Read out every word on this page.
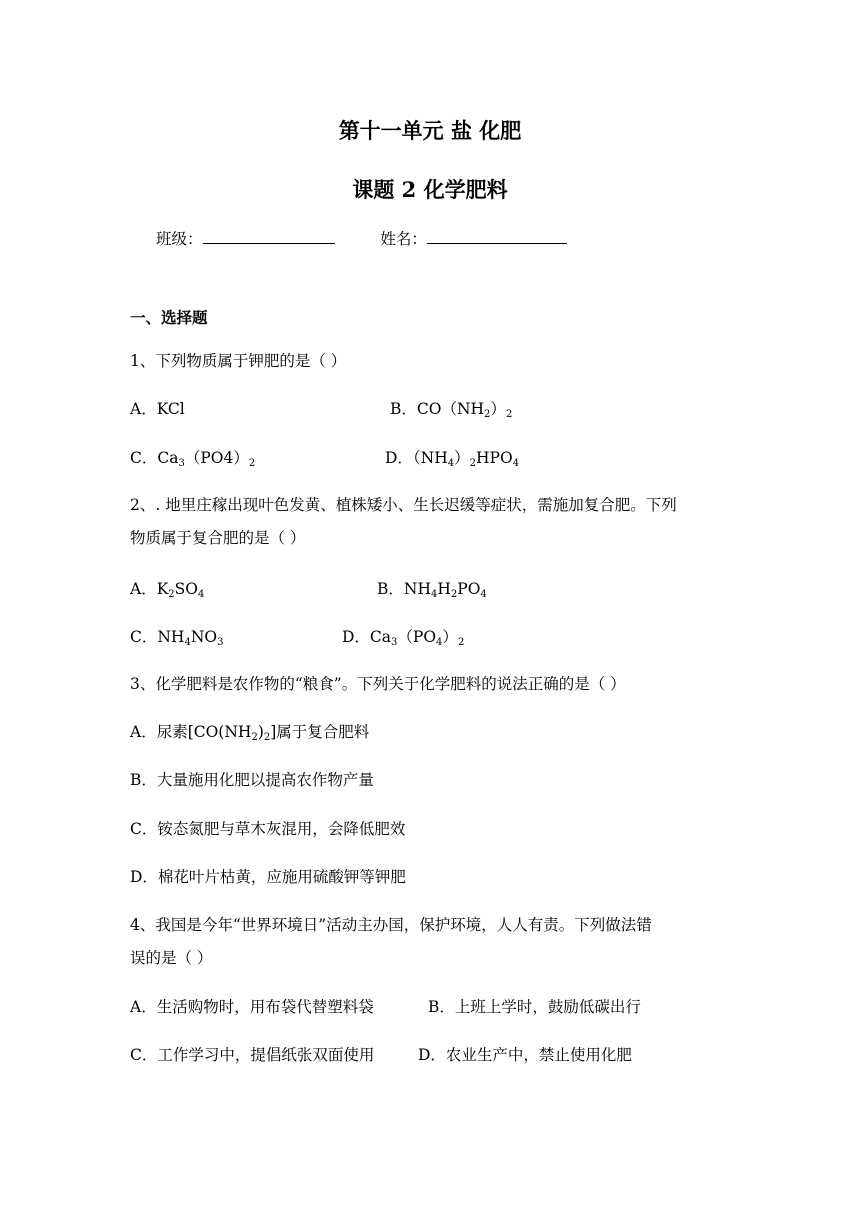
第十一单元 盐 化肥
课题 2 化学肥料
班级：	姓名：
一、选择题
1、下列物质属于钾肥的是（ ）
A．KCl	B．$CO(NH_2)_2$
C．$Ca_3(PO4)_2$	D．$(NH_4)_2HPO_4$
2、. 地里庄稼出现叶色发黄、植株矮小、生长迟缓等症状，需施加复合肥。下列
物质属于复合肥的是（ ）
A．$K_2SO_4$	B．$NH_4H_2PO_4$
C．$NH_4NO_3$	D．$Ca_3(PO_4)_2$
3、化学肥料是农作物的“粮食”。下列关于化学肥料的说法正确的是（ ）
A．尿素$[CO(NH_2)_2]$属于复合肥料
B．大量施用化肥以提高农作物产量
C．铵态氮肥与草木灰混用，会降低肥效
D．棉花叶片枯黄，应施用硫酸钾等钾肥
4、我国是今年“世界环境日”活动主办国，保护环境，人人有责。下列做法错
误的是（ ）
A．生活购物时，用布袋代替塑料袋	B．上班上学时，鼓励低碳出行
C．工作学习中，提倡纸张双面使用	D．农业生产中，禁止使用化肥
